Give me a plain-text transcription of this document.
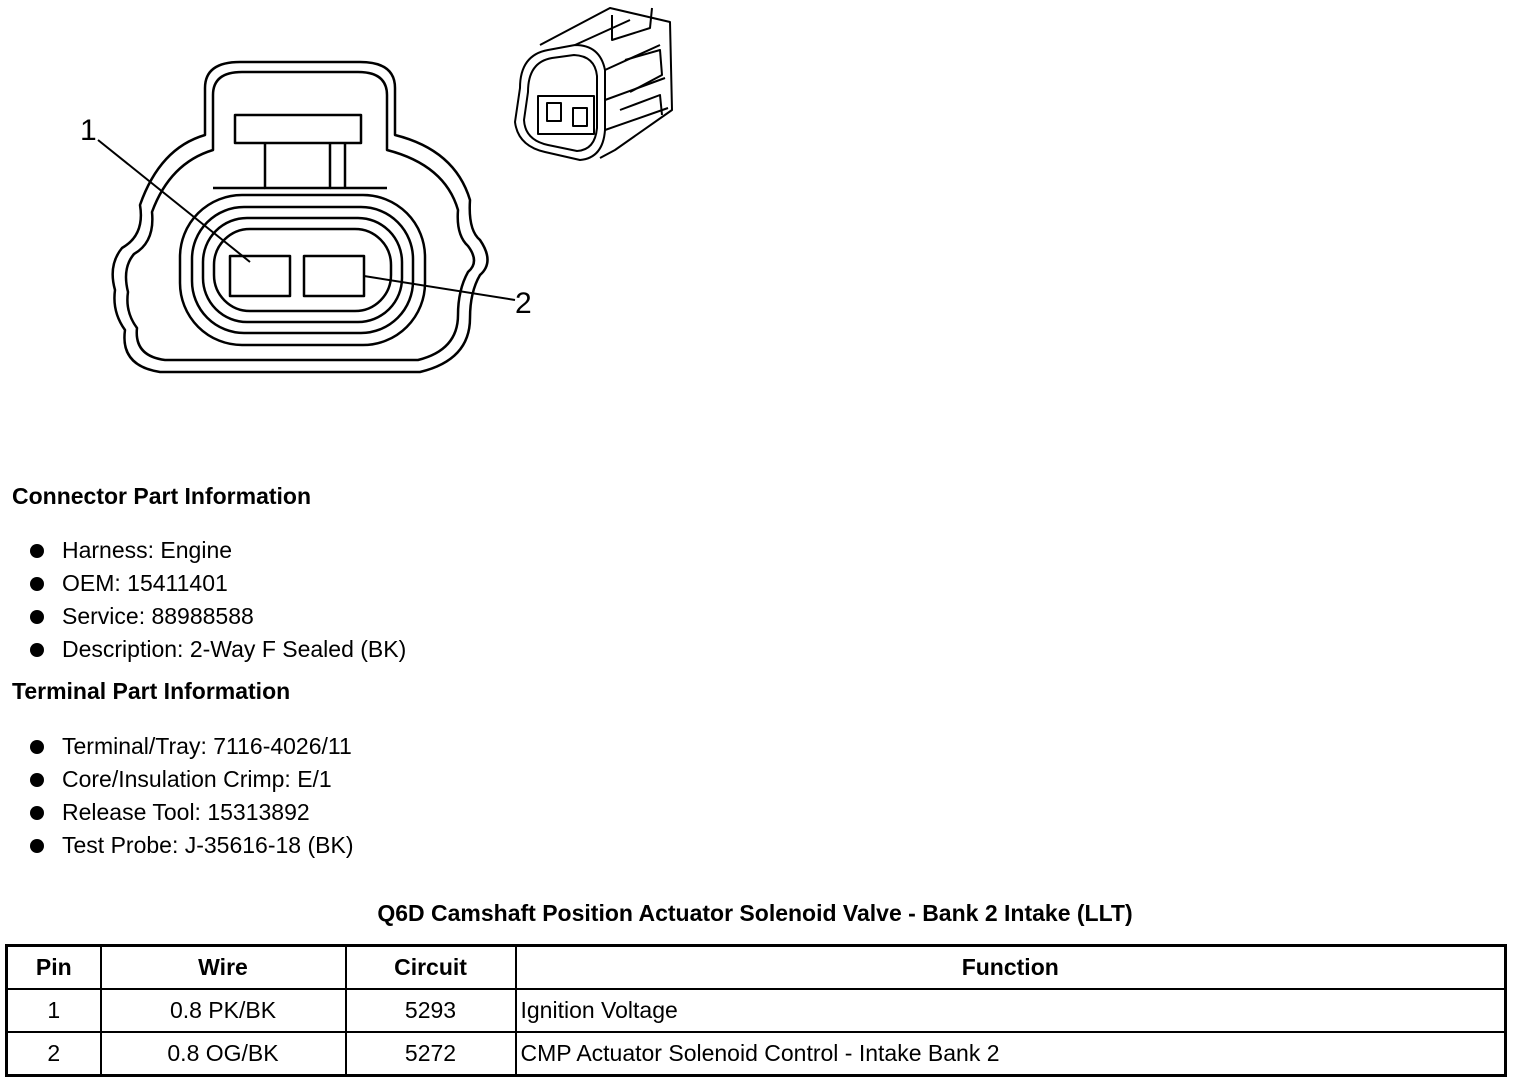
1
2
Connector Part Information
Harness: Engine
OEM: 15411401
Service: 88988588
Description: 2-Way F Sealed (BK)
Terminal Part Information
Terminal/Tray: 7116-4026/11
Core/Insulation Crimp: E/1
Release Tool: 15313892
Test Probe: J-35616-18 (BK)
Q6D Camshaft Position Actuator Solenoid Valve - Bank 2 Intake (LLT)
Pin	Wire	Circuit	Function
1	0.8 PK/BK	5293	Ignition Voltage
2	0.8 OG/BK	5272	CMP Actuator Solenoid Control - Intake Bank 2
